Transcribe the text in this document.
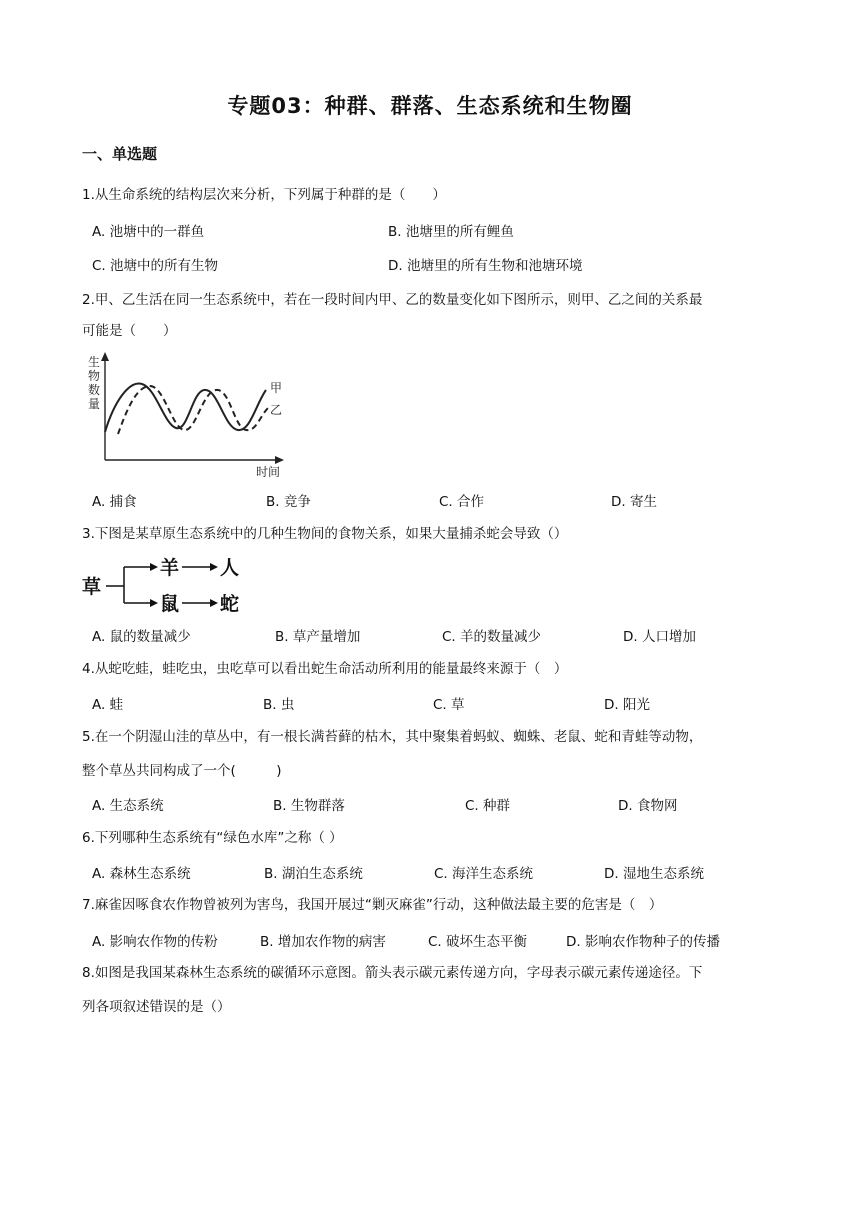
专题03：种群、群落、生态系统和生物圈
一、单选题
1.从生命系统的结构层次来分析，下列属于种群的是（　　）
A. 池塘中的一群鱼	B. 池塘里的所有鲤鱼
C. 池塘中的所有生物	D. 池塘里的所有生物和池塘环境
2.甲、乙生活在同一生态系统中，若在一段时间内甲、乙的数量变化如下图所示，则甲、乙之间的关系最
可能是（　　）
生
物
数
量
时间
甲
乙
A. 捕食	B. 竞争	C. 合作	D. 寄生
3.下图是某草原生态系统中的几种生物间的食物关系，如果大量捕杀蛇会导致（）
草
羊 人
鼠 蛇
A. 鼠的数量减少	B. 草产量增加	C. 羊的数量减少	D. 人口增加
4.从蛇吃蛙，蛙吃虫，虫吃草可以看出蛇生命活动所利用的能量最终来源于（　）
A. 蛙	B. 虫	C. 草	D. 阳光
5.在一个阴湿山洼的草丛中，有一根长满苔藓的枯木，其中聚集着蚂蚁、蜘蛛、老鼠、蛇和青蛙等动物，
整个草丛共同构成了一个(　　　)
A. 生态系统	B. 生物群落	C. 种群	D. 食物网
6.下列哪种生态系统有“绿色水库”之称（ ）
A. 森林生态系统	B. 湖泊生态系统	C. 海洋生态系统	D. 湿地生态系统
7.麻雀因啄食农作物曾被列为害鸟，我国开展过“剿灭麻雀”行动，这种做法最主要的危害是（　）
A. 影响农作物的传粉	B. 增加农作物的病害	C. 破坏生态平衡	D. 影响农作物种子的传播
8.如图是我国某森林生态系统的碳循环示意图。箭头表示碳元素传递方向，字母表示碳元素传递途径。下
列各项叙述错误的是（）
